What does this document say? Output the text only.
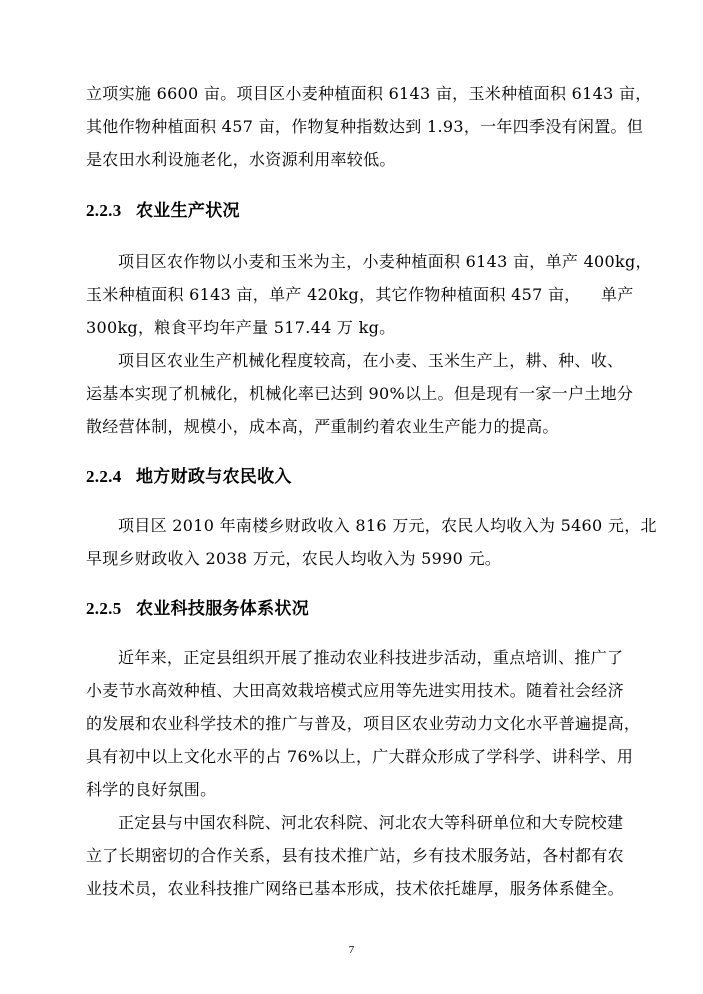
立项实施 6600 亩。项目区小麦种植面积 6143 亩，玉米种植面积 6143 亩，
其他作物种植面积 457 亩，作物复种指数达到 1.93，一年四季没有闲置。但
是农田水利设施老化，水资源利用率较低。
2.2.3 农业生产状况
项目区农作物以小麦和玉米为主，小麦种植面积 6143 亩，单产 400kg，
玉米种植面积 6143 亩，单产 420kg，其它作物种植面积 457 亩， 单产
300kg，粮食平均年产量 517.44 万 kg。
项目区农业生产机械化程度较高，在小麦、玉米生产上，耕、种、收、
运基本实现了机械化，机械化率已达到 90%以上。但是现有一家一户土地分
散经营体制，规模小，成本高，严重制约着农业生产能力的提高。
2.2.4 地方财政与农民收入
项目区 2010 年南楼乡财政收入 816 万元，农民人均收入为 5460 元，北
早现乡财政收入 2038 万元，农民人均收入为 5990 元。
2.2.5 农业科技服务体系状况
近年来，正定县组织开展了推动农业科技进步活动，重点培训、推广了
小麦节水高效种植、大田高效栽培模式应用等先进实用技术。随着社会经济
的发展和农业科学技术的推广与普及，项目区农业劳动力文化水平普遍提高，
具有初中以上文化水平的占 76%以上，广大群众形成了学科学、讲科学、用
科学的良好氛围。
正定县与中国农科院、河北农科院、河北农大等科研单位和大专院校建
立了长期密切的合作关系，县有技术推广站，乡有技术服务站，各村都有农
业技术员，农业科技推广网络已基本形成，技术依托雄厚，服务体系健全。
7
